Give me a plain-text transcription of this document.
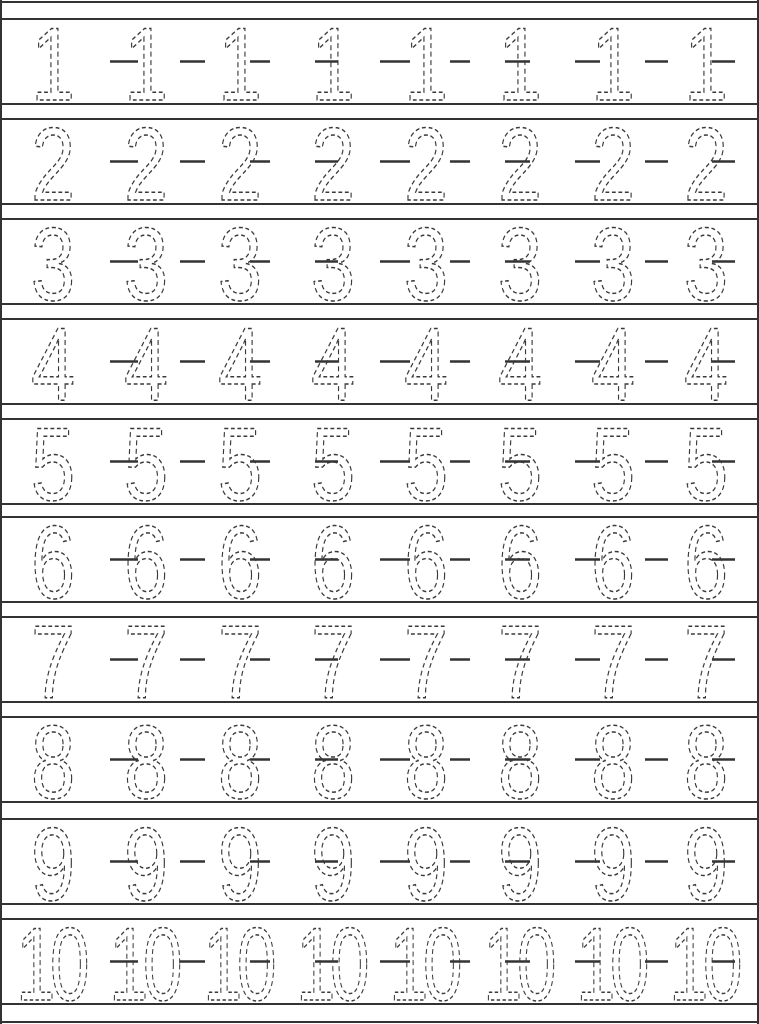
1 1 1 1 1 1 1 1
2 2 2 2 2 2 2 2
3 3 3 3 3 3 3 3
4 4 4 4 4 4 4 4
5 5 5 5 5 5 5 5
6 6 6 6 6 6 6 6
7 7 7 7 7 7 7 7
8 8 8 8 8 8 8 8
9 9 9 9 9 9 9 9
10 10 10 10 10 10 10 10
